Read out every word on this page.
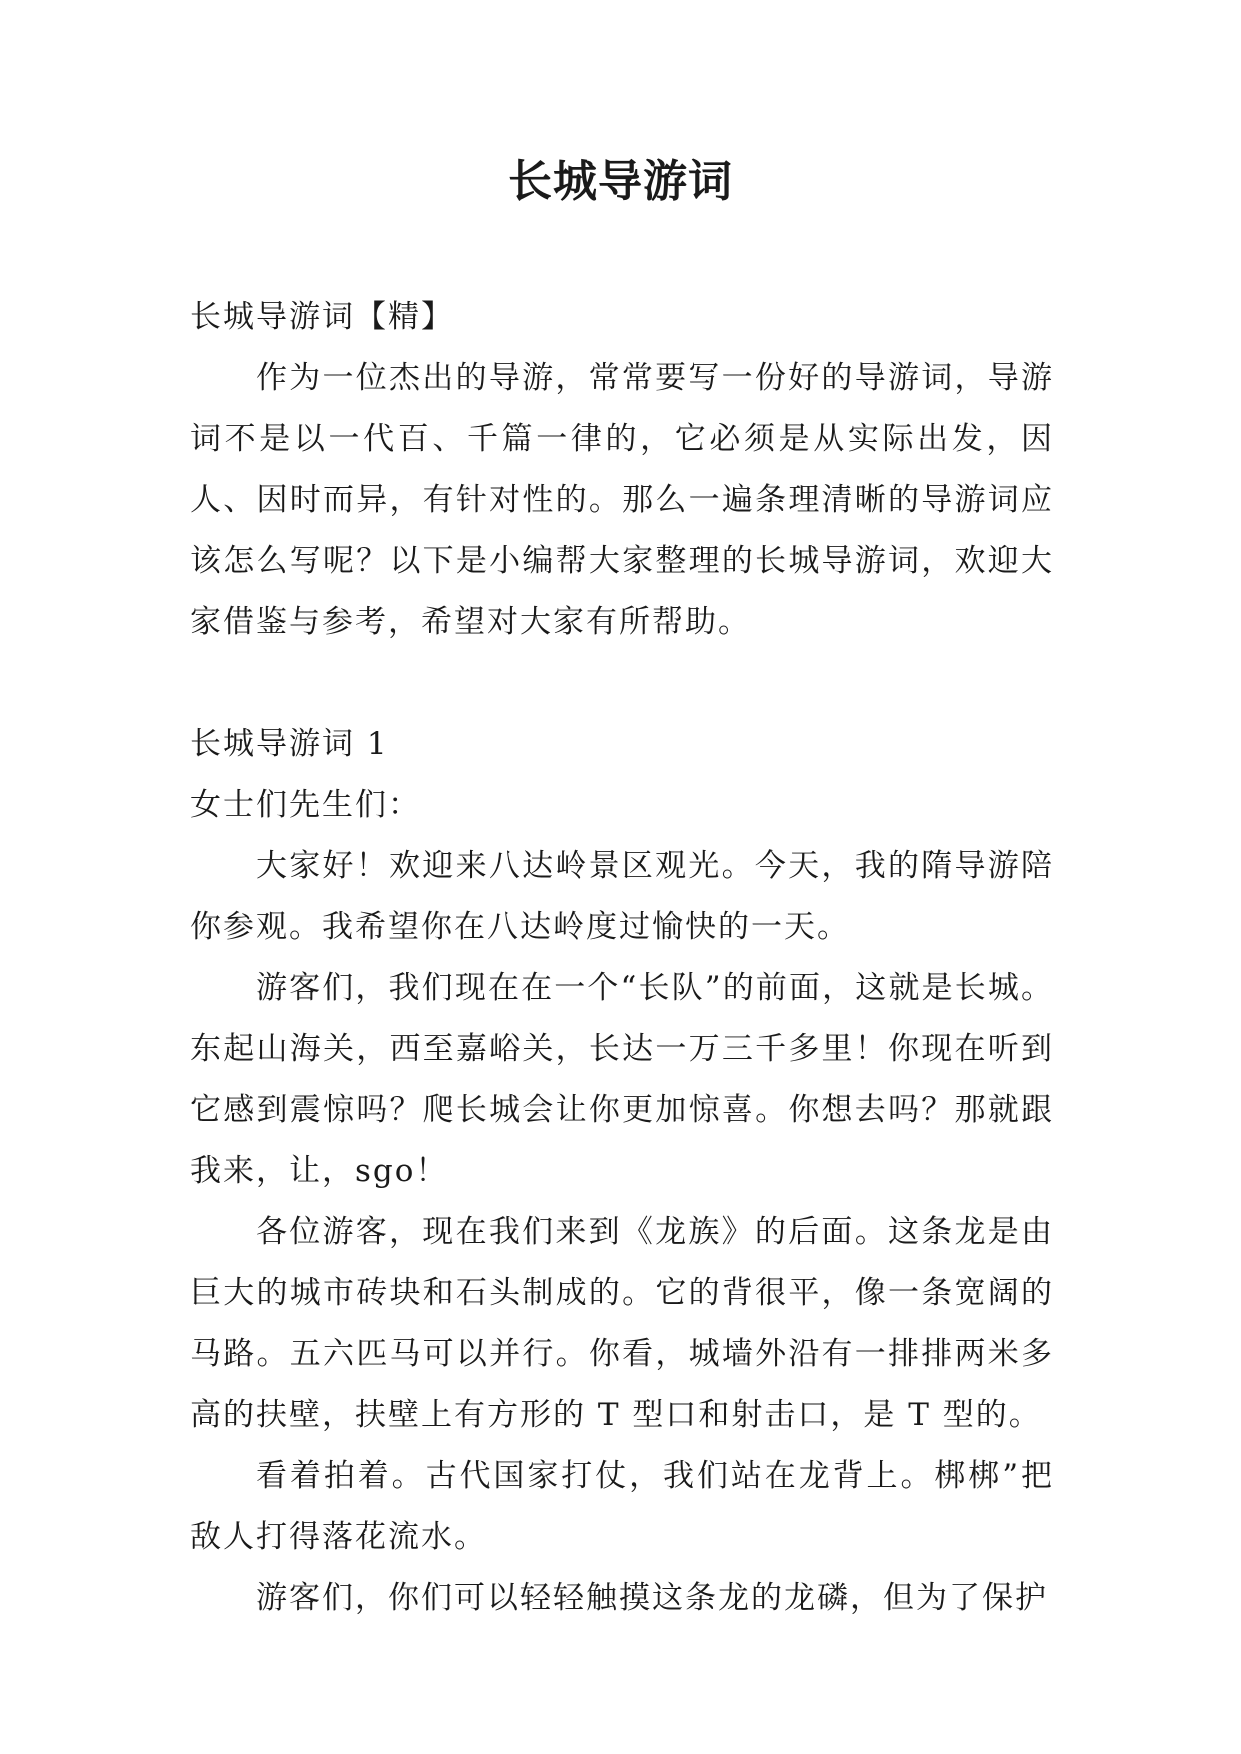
长城导游词

长城导游词【精】

作为一位杰出的导游，常常要写一份好的导游词，导游词不是以一代百、千篇一律的，它必须是从实际出发，因人、因时而异，有针对性的。那么一遍条理清晰的导游词应该怎么写呢？以下是小编帮大家整理的长城导游词，欢迎大家借鉴与参考，希望对大家有所帮助。

长城导游词 1

女士们先生们：

大家好！欢迎来八达岭景区观光。今天，我的隋导游陪你参观。我希望你在八达岭度过愉快的一天。

游客们，我们现在在一个“长队”的前面，这就是长城。东起山海关，西至嘉峪关，长达一万三千多里！你现在听到它感到震惊吗？爬长城会让你更加惊喜。你想去吗？那就跟我来，让，sgo！

各位游客，现在我们来到《龙族》的后面。这条龙是由巨大的城市砖块和石头制成的。它的背很平，像一条宽阔的马路。五六匹马可以并行。你看，城墙外沿有一排排两米多高的扶壁，扶壁上有方形的 T 型口和射击口，是 T 型的。

看着拍着。古代国家打仗，我们站在龙背上。梆梆”把敌人打得落花流水。

游客们，你们可以轻轻触摸这条龙的龙磷，但为了保护
